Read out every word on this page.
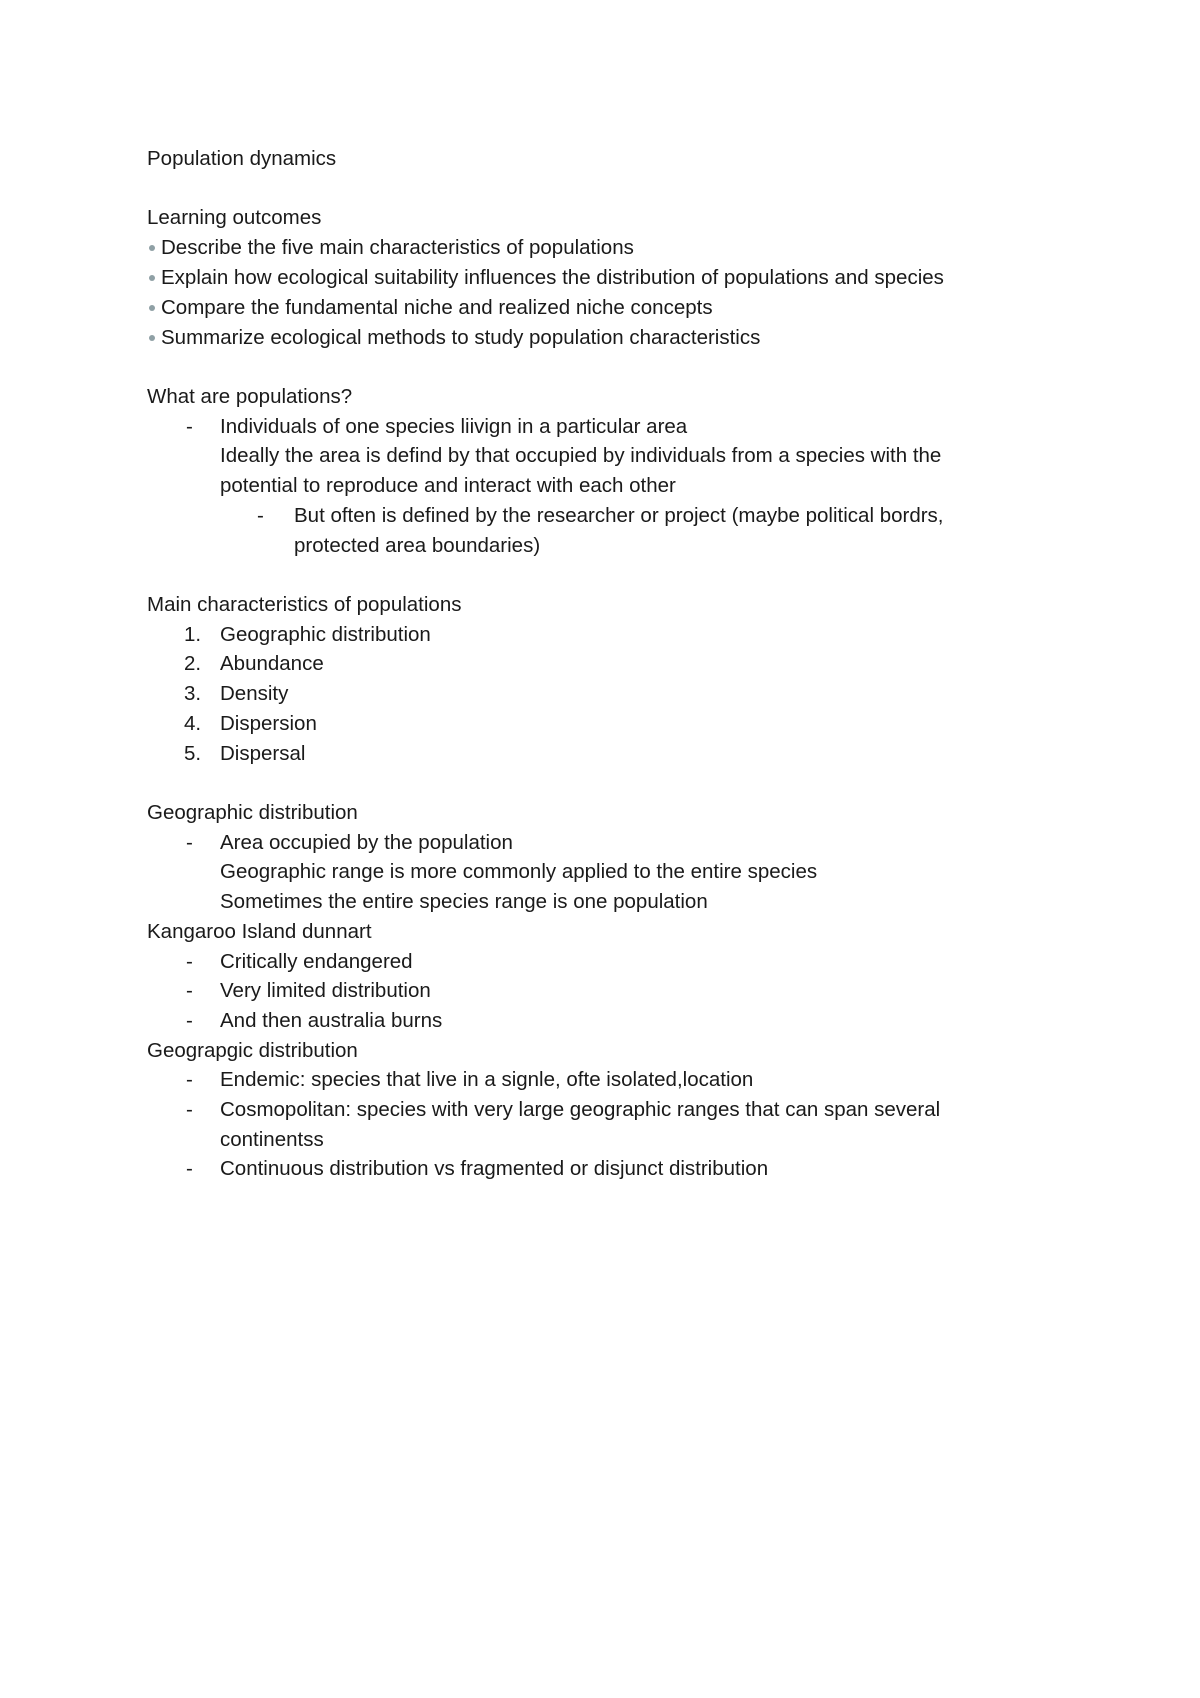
Population dynamics
Learning outcomes
Describe the five main characteristics of populations
Explain how ecological suitability influences the distribution of populations and species
Compare the fundamental niche and realized niche concepts
Summarize ecological methods to study population characteristics
What are populations?
- Individuals of one species liivign in a particular area
Ideally the area is defind by that occupied by individuals from a species with the
potential to reproduce and interact with each other
- But often is defined by the researcher or project (maybe political bordrs,
protected area boundaries)
Main characteristics of populations
1. Geographic distribution
2. Abundance
3. Density
4. Dispersion
5. Dispersal
Geographic distribution
- Area occupied by the population
Geographic range is more commonly applied to the entire species
Sometimes the entire species range is one population
Kangaroo Island dunnart
- Critically endangered
- Very limited distribution
- And then australia burns
Geograpgic distribution
- Endemic: species that live in a signle, ofte isolated,location
- Cosmopolitan: species with very large geographic ranges that can span several
continentss
- Continuous distribution vs fragmented or disjunct distribution
